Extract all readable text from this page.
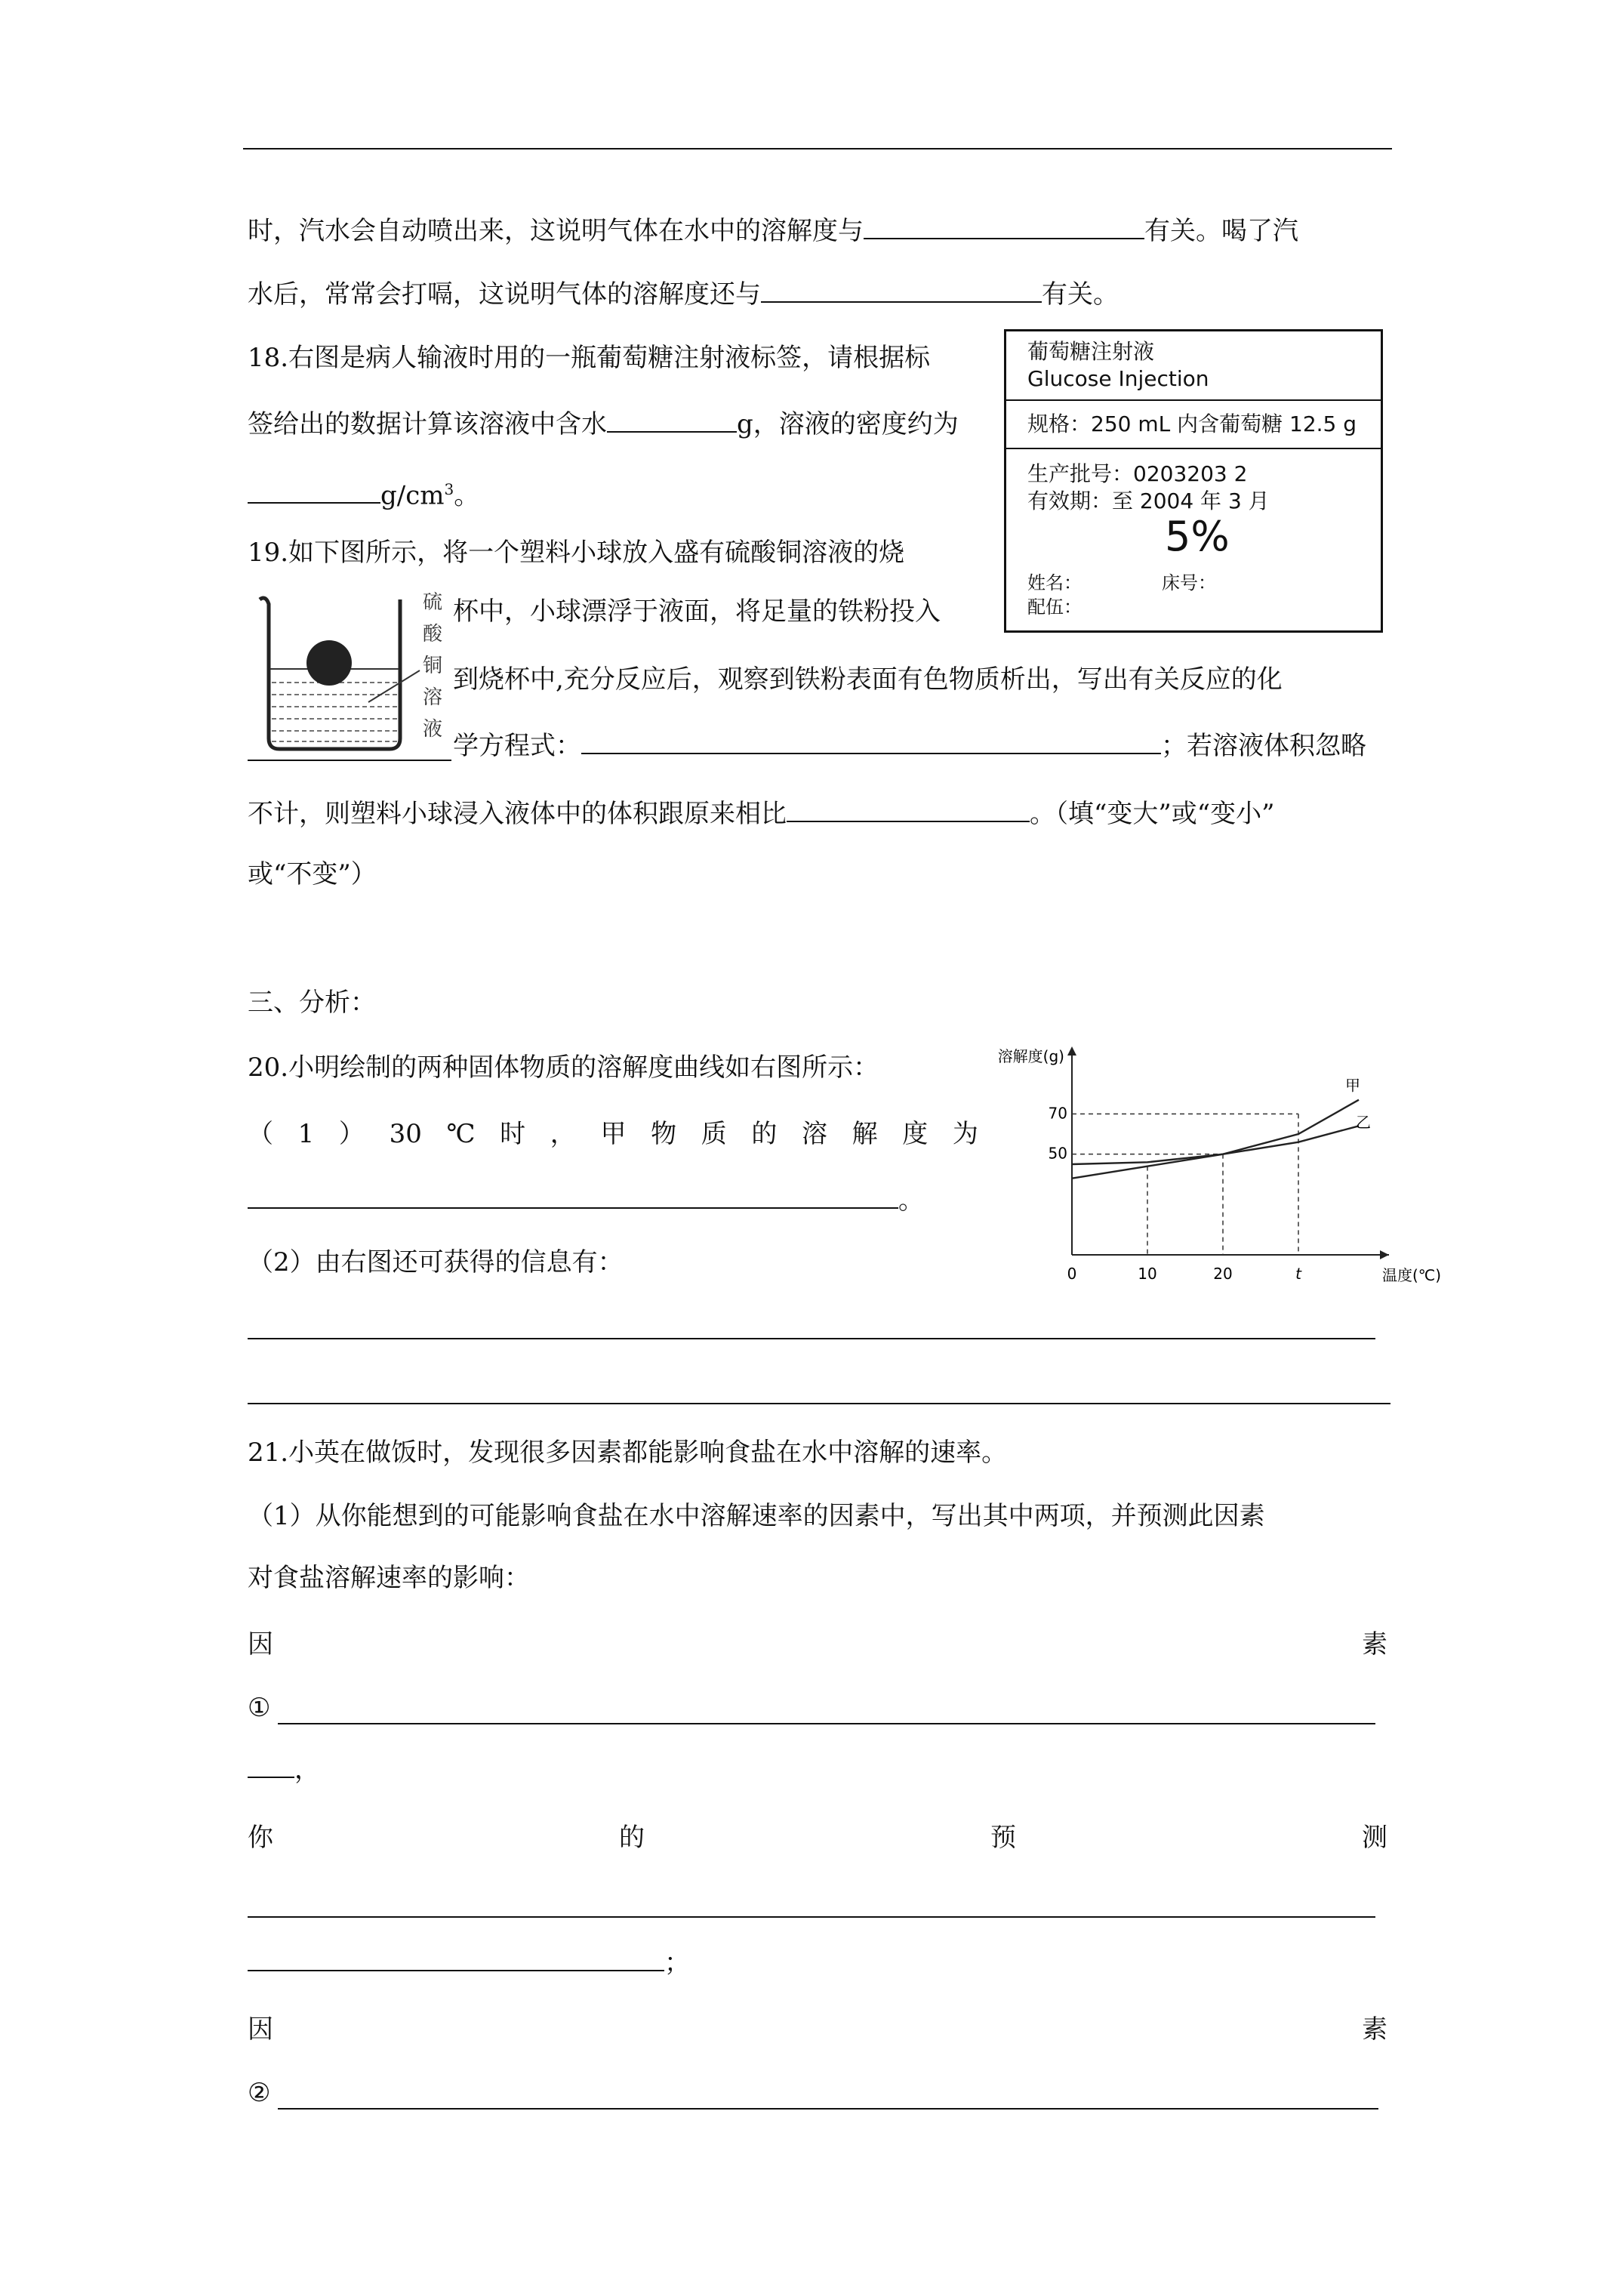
时，汽水会自动喷出来，这说明气体在水中的溶解度与	有关。喝了汽
水后，常常会打嗝，这说明气体的溶解度还与	有关。
18.右图是病人输液时用的一瓶葡萄糖注射液标签，请根据标
签给出的数据计算该溶液中含水	g，溶液的密度约为
$g/cm^3$。
葡萄糖注射液
Glucose Injection
规格：250 mL 内含葡萄糖 12.5 g
生产批号：0203203 2
有效期：至 2004 年 3 月
5%
姓名：	床号：
配伍：
19.如下图所示，将一个塑料小球放入盛有硫酸铜溶液的烧
硫
酸
铜
溶
液
杯中，小球漂浮于液面，将足量的铁粉投入
到烧杯中,充分反应后，观察到铁粉表面有色物质析出，写出有关反应的化
学方程式：	；若溶液体积忽略
不计，则塑料小球浸入液体中的体积跟原来相比	。（填“变大”或“变小”
或“不变”）
三、分析：
20.小明绘制的两种固体物质的溶解度曲线如右图所示：
（ 1 ） 30 ℃ 时 ， 甲 物 质 的 溶 解 度 为
。
（2）由右图还可获得的信息有：
溶解度(g)
温度(℃)
0	10	20	t
50
70
甲
乙
21.小英在做饭时，发现很多因素都能影响食盐在水中溶解的速率。
（1）从你能想到的可能影响食盐在水中溶解速率的因素中，写出其中两项，并预测此因素
对食盐溶解速率的影响：
因	素
①
，
你	的	预	测
；
因	素
②
